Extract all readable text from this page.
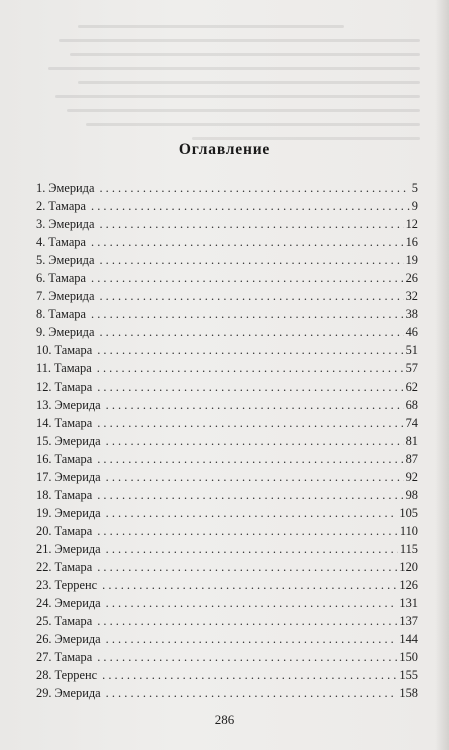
Оглавление
1. Эмерида . . .	5
2. Тамара . . .	9
3. Эмерида . . .	12
4. Тамара . . .	16
5. Эмерида . . .	19
6. Тамара . . .	26
7. Эмерида . . .	32
8. Тамара . . .	38
9. Эмерида . . .	46
10. Тамара . . .	51
11. Тамара . . .	57
12. Тамара . . .	62
13. Эмерида . . .	68
14. Тамара . . .	74
15. Эмерида . . .	81
16. Тамара . . .	87
17. Эмерида . . .	92
18. Тамара . . .	98
19. Эмерида . . .	105
20. Тамара . . .	110
21. Эмерида . . .	115
22. Тамара . . .	120
23. Терренс . . .	126
24. Эмерида . . .	131
25. Тамара . . .	137
26. Эмерида . . .	144
27. Тамара . . .	150
28. Терренс . . .	155
29. Эмерида . . .	158
286
